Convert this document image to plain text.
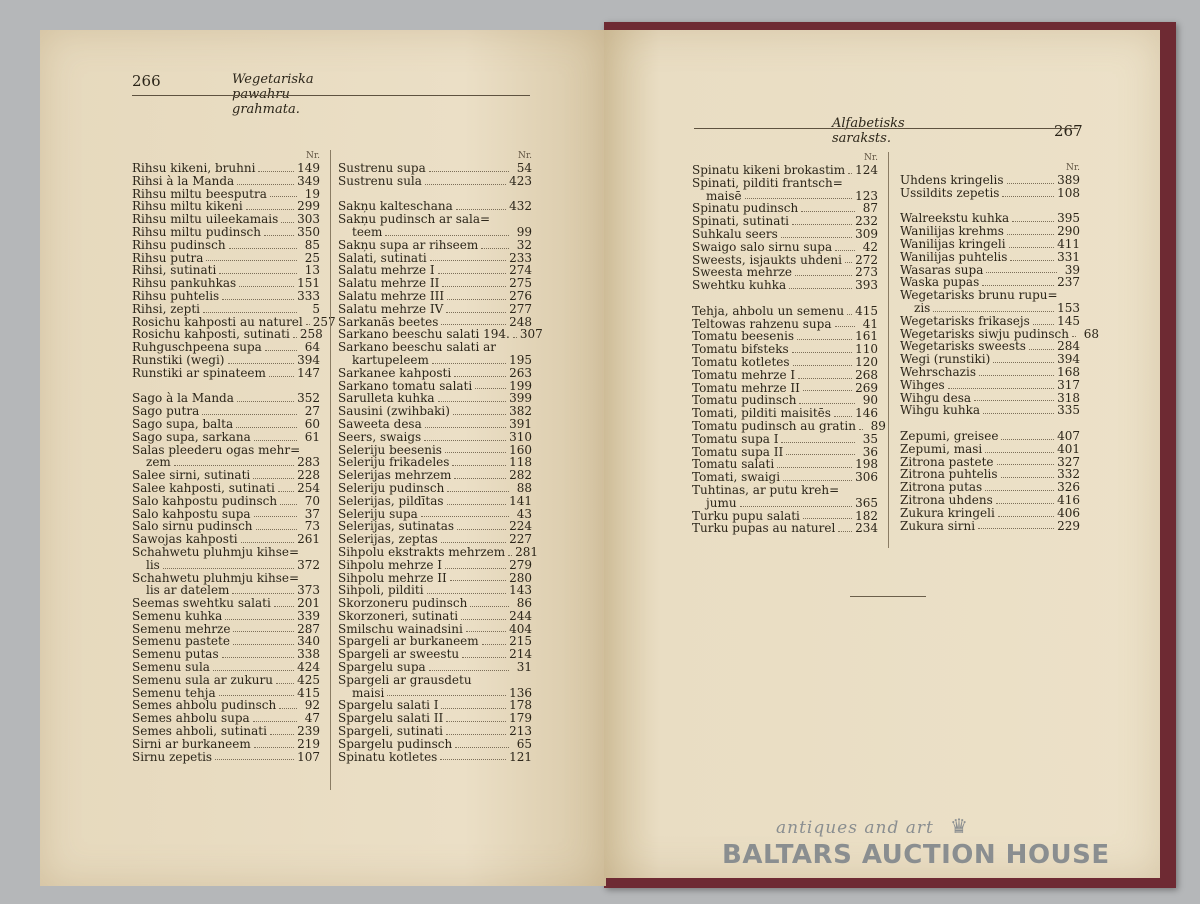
266	Wegetariska pawahru grahmata.
Alfabetisks saraksts.	267
Nr.
Rihsu kikeni, bruhni	149
Rihsi à la Manda	349
Rihsu miltu beesputra	19
Rihsu miltu kikeni	299
Rihsu miltu uileekamais 303
Rihsu miltu pudinsch	350
Rihsu pudinsch	85
Rihsu putra	25
Rihsi, sutinati	13
Rihsu pankuhkas	151
Rihsu puhtelis	333
Rihsi, zepti	5
Rosichu kahposti au naturel 257
Rosichu kahposti, sutinati 258
Ruhguschpeena supa	64
Runstiki (wegi)	394
Runstiki ar spinateem	147
Sago à la Manda	352
Sago putra	27
Sago supa, balta	60
Sago supa, sarkana	61
Salas pleederu ogas mehr=
zem	283
Salee sirni, sutinati	228
Salee kahposti, sutinati 254
Salo kahpostu pudinsch	70
Salo kahpostu supa	37
Salo sirnu pudinsch	73
Sawojas kahposti	261
Schahwetu pluhmju kihse=
lis	372
Schahwetu pluhmju kihse=
lis ar datelem	373
Seemas swehtku salati 201
Semenu kuhka	339
Semenu mehrze	287
Semenu pastete	340
Semenu putas	338
Semenu sula	424
Semenu sula ar zukuru 425
Semenu tehja	415
Semes ahbolu pudinsch	92
Semes ahbolu supa	47
Semes ahboli, sutinati	239
Sirni ar burkaneem	219
Sirnu zepetis	107
Nr.
Sustrenu supa	54
Sustrenu sula	423
Sakņu kalteschana	432
Sakņu pudinsch ar sala=
teem	99
Sakņu supa ar rihseem	32
Salati, sutinati	233
Salatu mehrze I	274
Salatu mehrze II	275
Salatu mehrze III	276
Salatu mehrze IV	277
Sarkanās beetes	248
Sarkano beeschu salati 194. 307
Sarkano beeschu salati ar
kartupeleem	195
Sarkanee kahposti	263
Sarkano tomatu salati	199
Sarulleta kuhka	399
Sausini (zwihbaki)	382
Saweeta desa	391
Seers, swaigs	310
Seleriju beesenis	160
Seleriju frikadeles	118
Selerijas mehrzem	282
Seleriju pudinsch	88
Selerijas, pildītas	141
Seleriju supa	43
Selerijas, sutinatas	224
Selerijas, zeptas	227
Sihpolu ekstrakts mehrzem 281
Sihpolu mehrze I	279
Sihpolu mehrze II	280
Sihpoli, pilditi	143
Skorzoneru pudinsch	86
Skorzoneri, sutinati	244
Smilschu wainadsini	404
Spargeli ar burkaneem	215
Spargeli ar sweestu	214
Spargelu supa	31
Spargeli ar grausdetu
maisi	136
Spargelu salati I	178
Spargelu salati II	179
Spargeli, sutinati	213
Spargelu pudinsch	65
Spinatu kotletes	121
Nr.
Spinatu kikeni brokastim 124
Spinati, pilditi frantsch=
maisē	123
Spinatu pudinsch	87
Spinati, sutinati	232
Suhkalu seers	309
Swaigo salo sirnu supa	42
Sweests, isjaukts uhdeni 272
Sweesta mehrze	273
Swehtku kuhka	393
Tehja, ahbolu un semenu 415
Teltowas rahzenu supa	41
Tomatu beesenis	161
Tomatu bifsteks	110
Tomatu kotletes	120
Tomatu mehrze I	268
Tomatu mehrze II	269
Tomatu pudinsch	90
Tomati, pilditi maisitēs 146
Tomatu pudinsch au gratin	89
Tomatu supa I	35
Tomatu supa II	36
Tomatu salati	198
Tomati, swaigi	306
Tuhtinas, ar putu kreh=
jumu	365
Turku pupu salati	182
Turku pupas au naturel 234
Nr.
Uhdens kringelis	389
Ussildits zepetis	108
Walreekstu kuhka	395
Wanilijas krehms	290
Wanilijas kringeli	411
Wanilijas puhtelis	331
Wasaras supa	39
Waska pupas	237
Wegetarisks brunu rupu=
zis	153
Wegetarisks frikasejs 145
Wegetarisks siwju pudinsch	68
Wegetarisks sweests	284
Wegi (runstiki)	394
Wehrschazis	168
Wihges	317
Wihgu desa	318
Wihgu kuhka	335
Zepumi, greisee	407
Zepumi, masi	401
Zitrona pastete	327
Zitrona puhtelis	332
Zitrona putas	326
Zitrona uhdens	416
Zukura kringeli	406
Zukura sirni	229
antiques and art ♛
BALTARS AUCTION HOUSE
